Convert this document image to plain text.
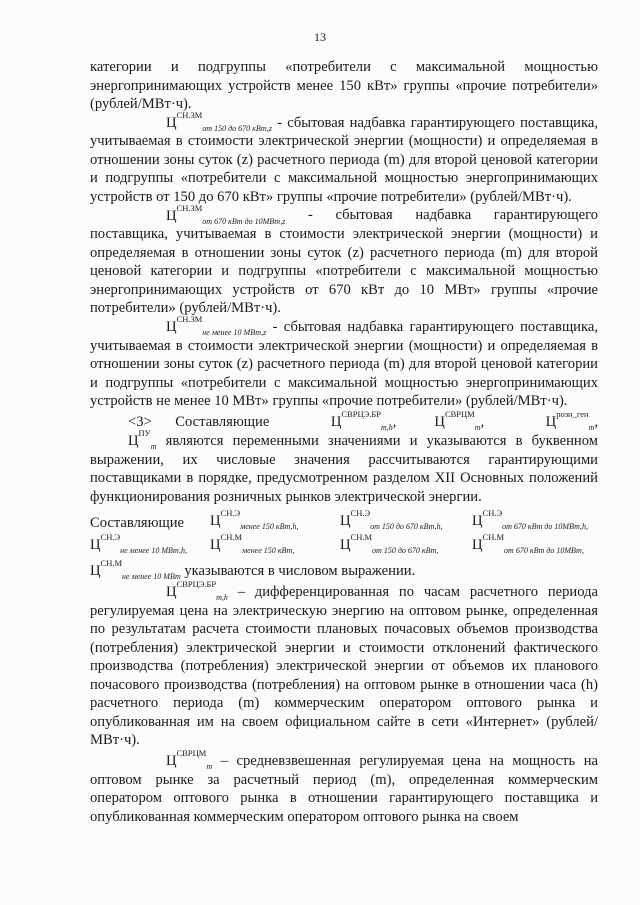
13

категории и подгруппы «потребители с максимальной мощностью энергопринимающих устройств менее 150 кВт» группы «прочие потребители» (рублей/МВт·ч).

$Ц^{СН.ЗМ}_{от 150 до 670 кВт,z}$ - сбытовая надбавка гарантирующего поставщика, учитываемая в стоимости электрической энергии (мощности) и определяемая в отношении зоны суток (z) расчетного периода (m) для второй ценовой категории и подгруппы «потребители с максимальной мощностью энергопринимающих устройств от 150 до 670 кВт» группы «прочие потребители» (рублей/МВт·ч).

$Ц^{СН.ЗМ}_{от 670 кВт до 10МВт,z}$ - сбытовая надбавка гарантирующего поставщика, учитываемая в стоимости электрической энергии (мощности) и определяемая в отношении зоны суток (z) расчетного периода (m) для второй ценовой категории и подгруппы «потребители с максимальной мощностью энергопринимающих устройств от 670 кВт до 10 МВт» группы «прочие потребители» (рублей/МВт·ч).

$Ц^{СН.ЗМ}_{не менее 10 МВт,z}$ - сбытовая надбавка гарантирующего поставщика, учитываемая в стоимости электрической энергии (мощности) и определяемая в отношении зоны суток (z) расчетного периода (m) для второй ценовой категории и подгруппы «потребители с максимальной мощностью энергопринимающих устройств не менее 10 МВт» группы «прочие потребители» (рублей/МВт·ч).

<3> Составляющие	$Ц^{СВРЦЭ.БР}_{m,h}$,	$Ц^{СВРЦМ}_m$,	$Ц^{розн\_ген}_m$, $Ц^{ПУ}_m$ являются переменными значениями и указываются в буквенном выражении, их числовые значения рассчитываются гарантирующими поставщиками в порядке, предусмотренном разделом XII Основных положений функционирования розничных рынков электрической энергии.

Составляющие $Ц^{СН.Э}_{менее 150 кВт,h,}$	$Ц^{СН.Э}_{от 150 до 670 кВт,h,}$ $Ц^{СН.Э}_{от 670 кВт до 10МВт,h,}$
$Ц^{СН.Э}_{не менее 10 МВт,h,}$ $Ц^{СН.М}_{менее 150 кВт,}$	$Ц^{СН.М}_{от 150 до 670 кВт,}$ $Ц^{СН.М}_{от 670 кВт до 10МВт,}$

$Ц^{СН.М}_{не менее 10 МВт}$ указываются в числовом выражении.

$Ц^{СВРЦЭ.БР}_{m,h}$ – дифференцированная по часам расчетного периода регулируемая цена на электрическую энергию на оптовом рынке, определенная по результатам расчета стоимости плановых почасовых объемов производства (потребления) электрической энергии и стоимости отклонений фактического производства (потребления) электрической энергии от объемов их планового почасового производства (потребления) на оптовом рынке в отношении часа (h) расчетного периода (m) коммерческим оператором оптового рынка и опубликованная им на своем официальном сайте в сети «Интернет» (рублей/МВт·ч).

$Ц^{СВРЦМ}_m$ – средневзвешенная регулируемая цена на мощность на оптовом рынке за расчетный период (m), определенная коммерческим оператором оптового рынка в отношении гарантирующего поставщика и опубликованная коммерческим оператором оптового рынка на своем
